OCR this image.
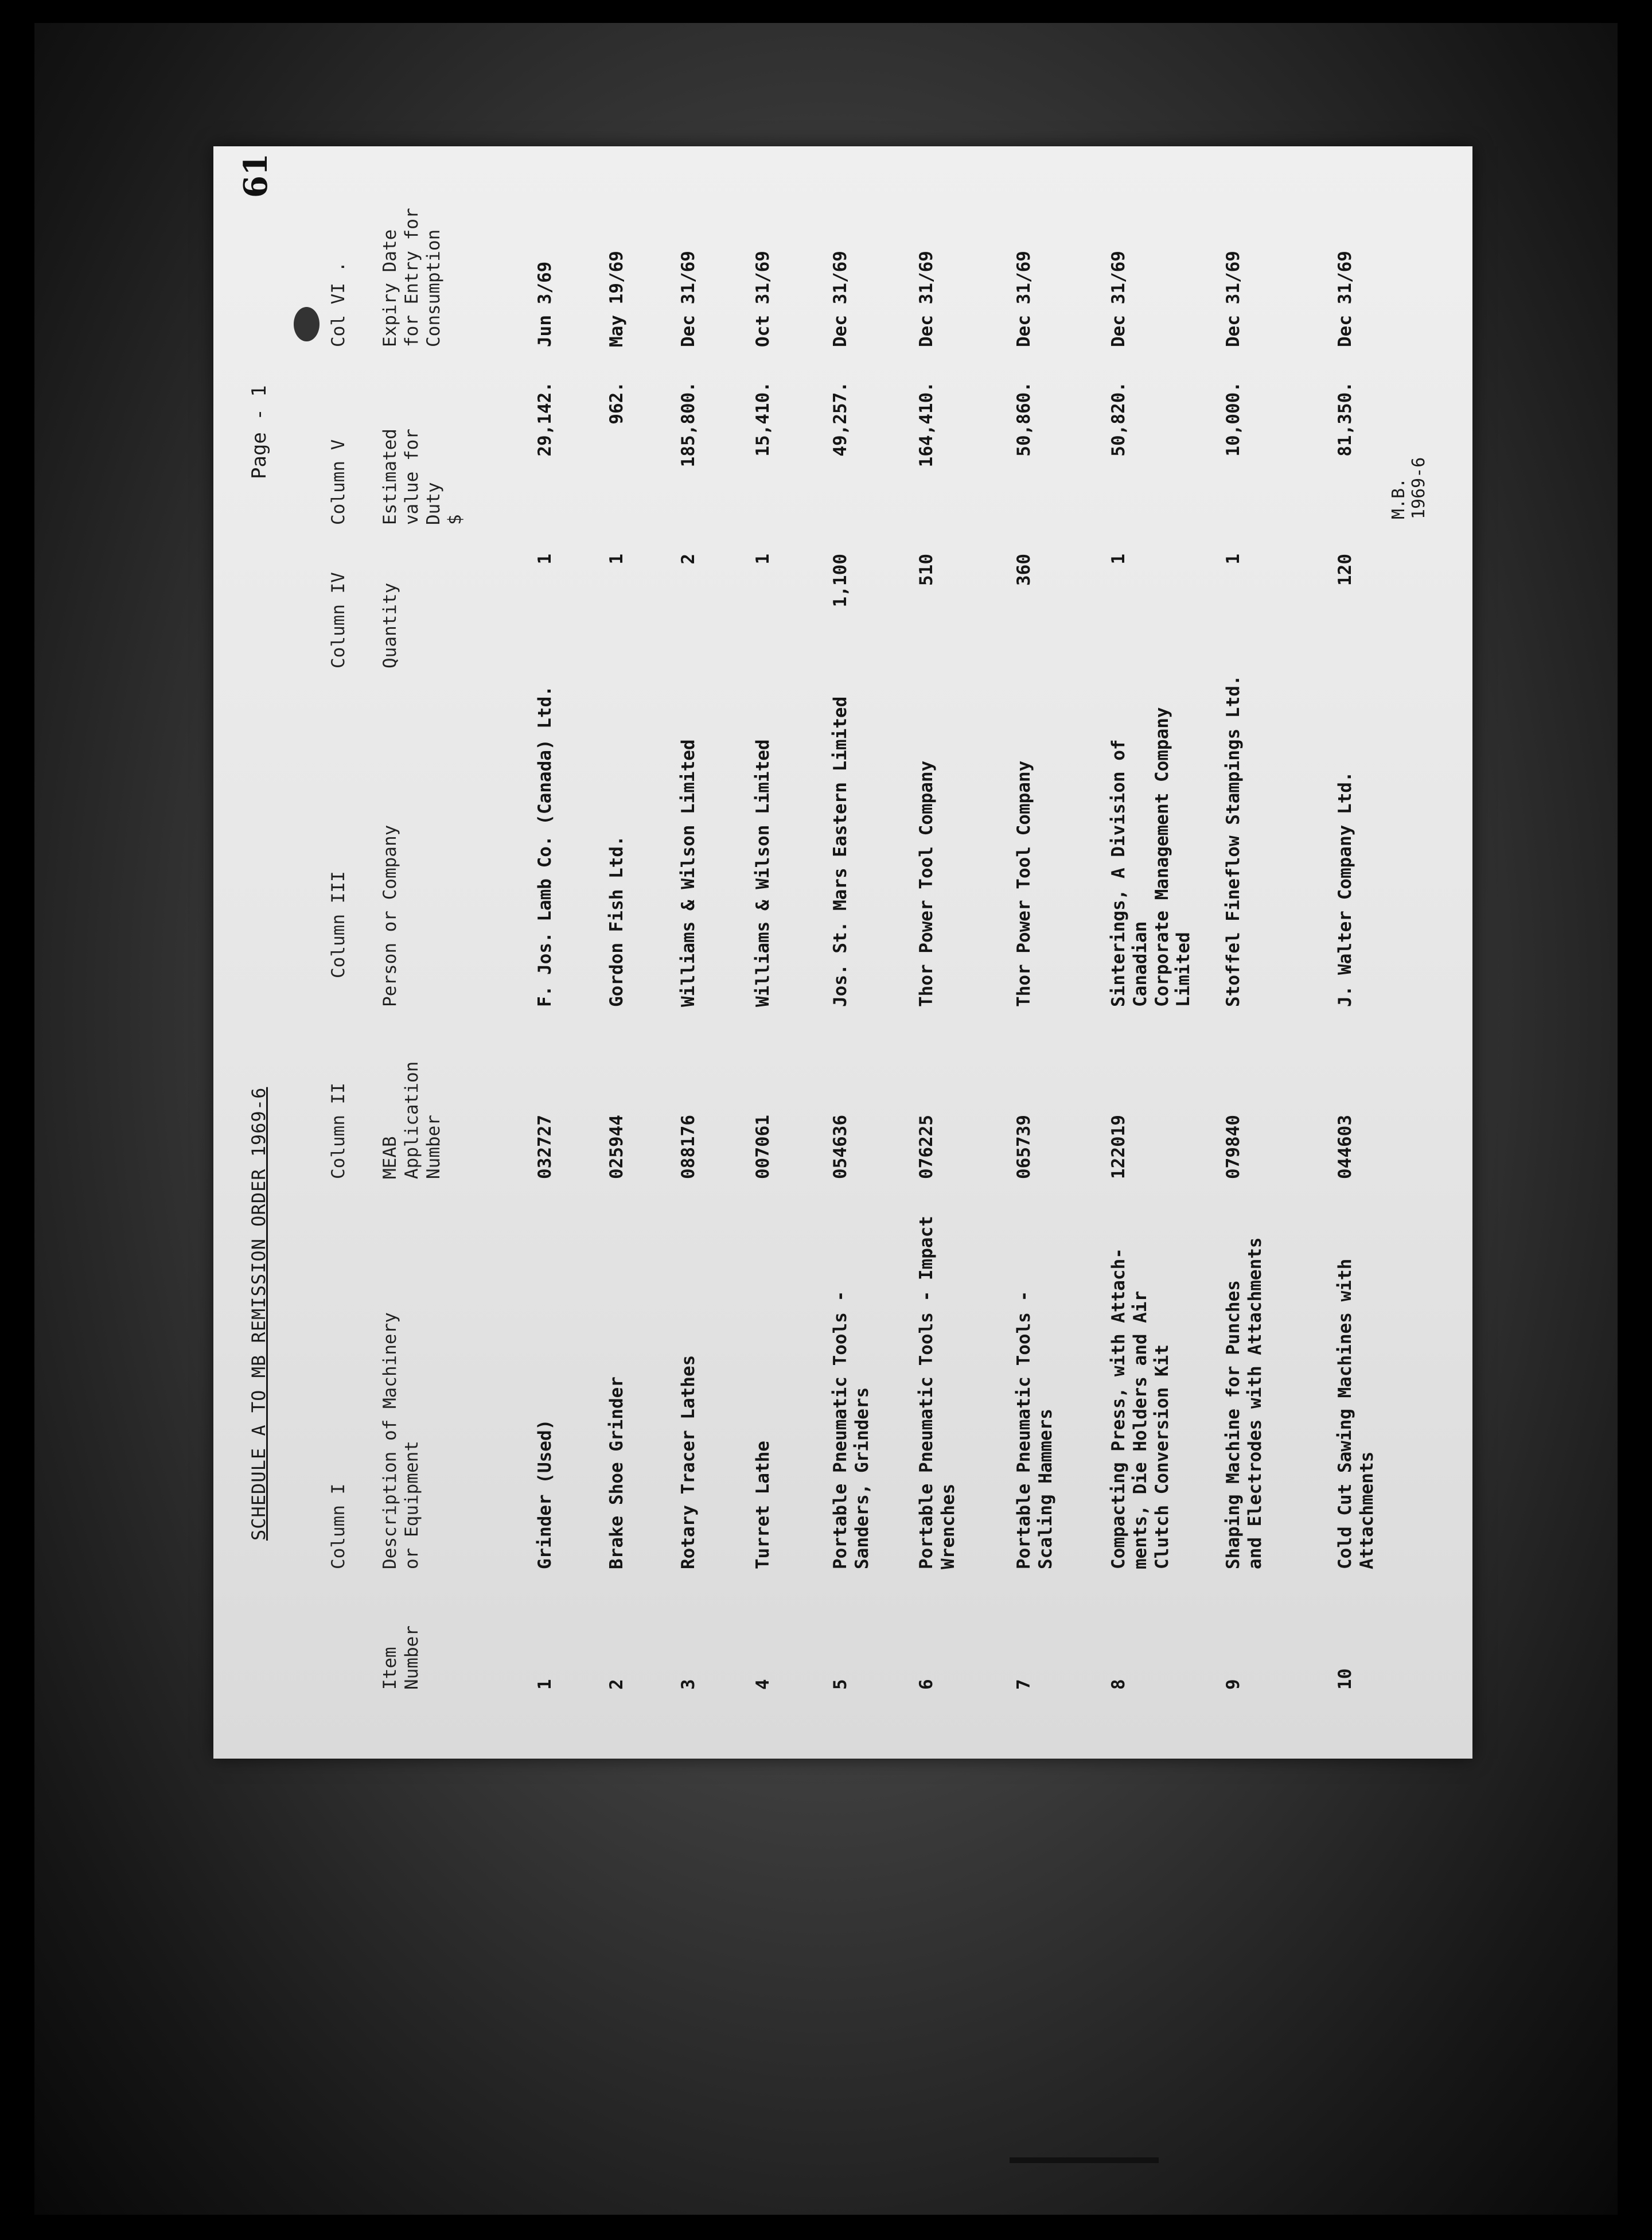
61
Page - 1
M.B.
1969-6
SCHEDULE A TO MB REMISSION ORDER 1969-6	Column I
Column II
Column III
Column IV
Column V
Col VI .
Item
Number
Description of Machinery
or Equipment
MEAB
Application
Number
Person or Company
Quantity
Estimated
value for
Duty
$
Expiry Date
for Entry for
Consumption
1
Grinder (Used)
032727
F. Jos. Lamb Co. (Canada) Ltd.
1
29,142.
Jun 3/69
2
Brake Shoe Grinder
025944
Gordon Fish Ltd.
1
962.
May 19/69
3
Rotary Tracer Lathes
088176
Williams & Wilson Limited
2
185,800.
Dec 31/69
4
Turret Lathe
007061
Williams & Wilson Limited
1
15,410.
Oct 31/69
5
Portable Pneumatic Tools -
Sanders, Grinders
054636
Jos. St. Mars Eastern Limited
1,100
49,257.
Dec 31/69
6
Portable Pneumatic Tools - Impact
Wrenches
076225
Thor Power Tool Company
510
164,410.
Dec 31/69
7
Portable Pneumatic Tools -
Scaling Hammers
065739
Thor Power Tool Company
360
50,860.
Dec 31/69
8
Compacting Press, with Attach-
ments, Die Holders and Air
Clutch Conversion Kit
122019
Sinterings, A Division of Canadian
Corporate Management Company Limited
1
50,820.
Dec 31/69
9
Shaping Machine for Punches
and Electrodes with Attachments
079840
Stoffel Fineflow Stampings Ltd.
1
10,000.
Dec 31/69
10
Cold Cut Sawing Machines with
Attachments
044603
J. Walter Company Ltd.
120
81,350.
Dec 31/69
